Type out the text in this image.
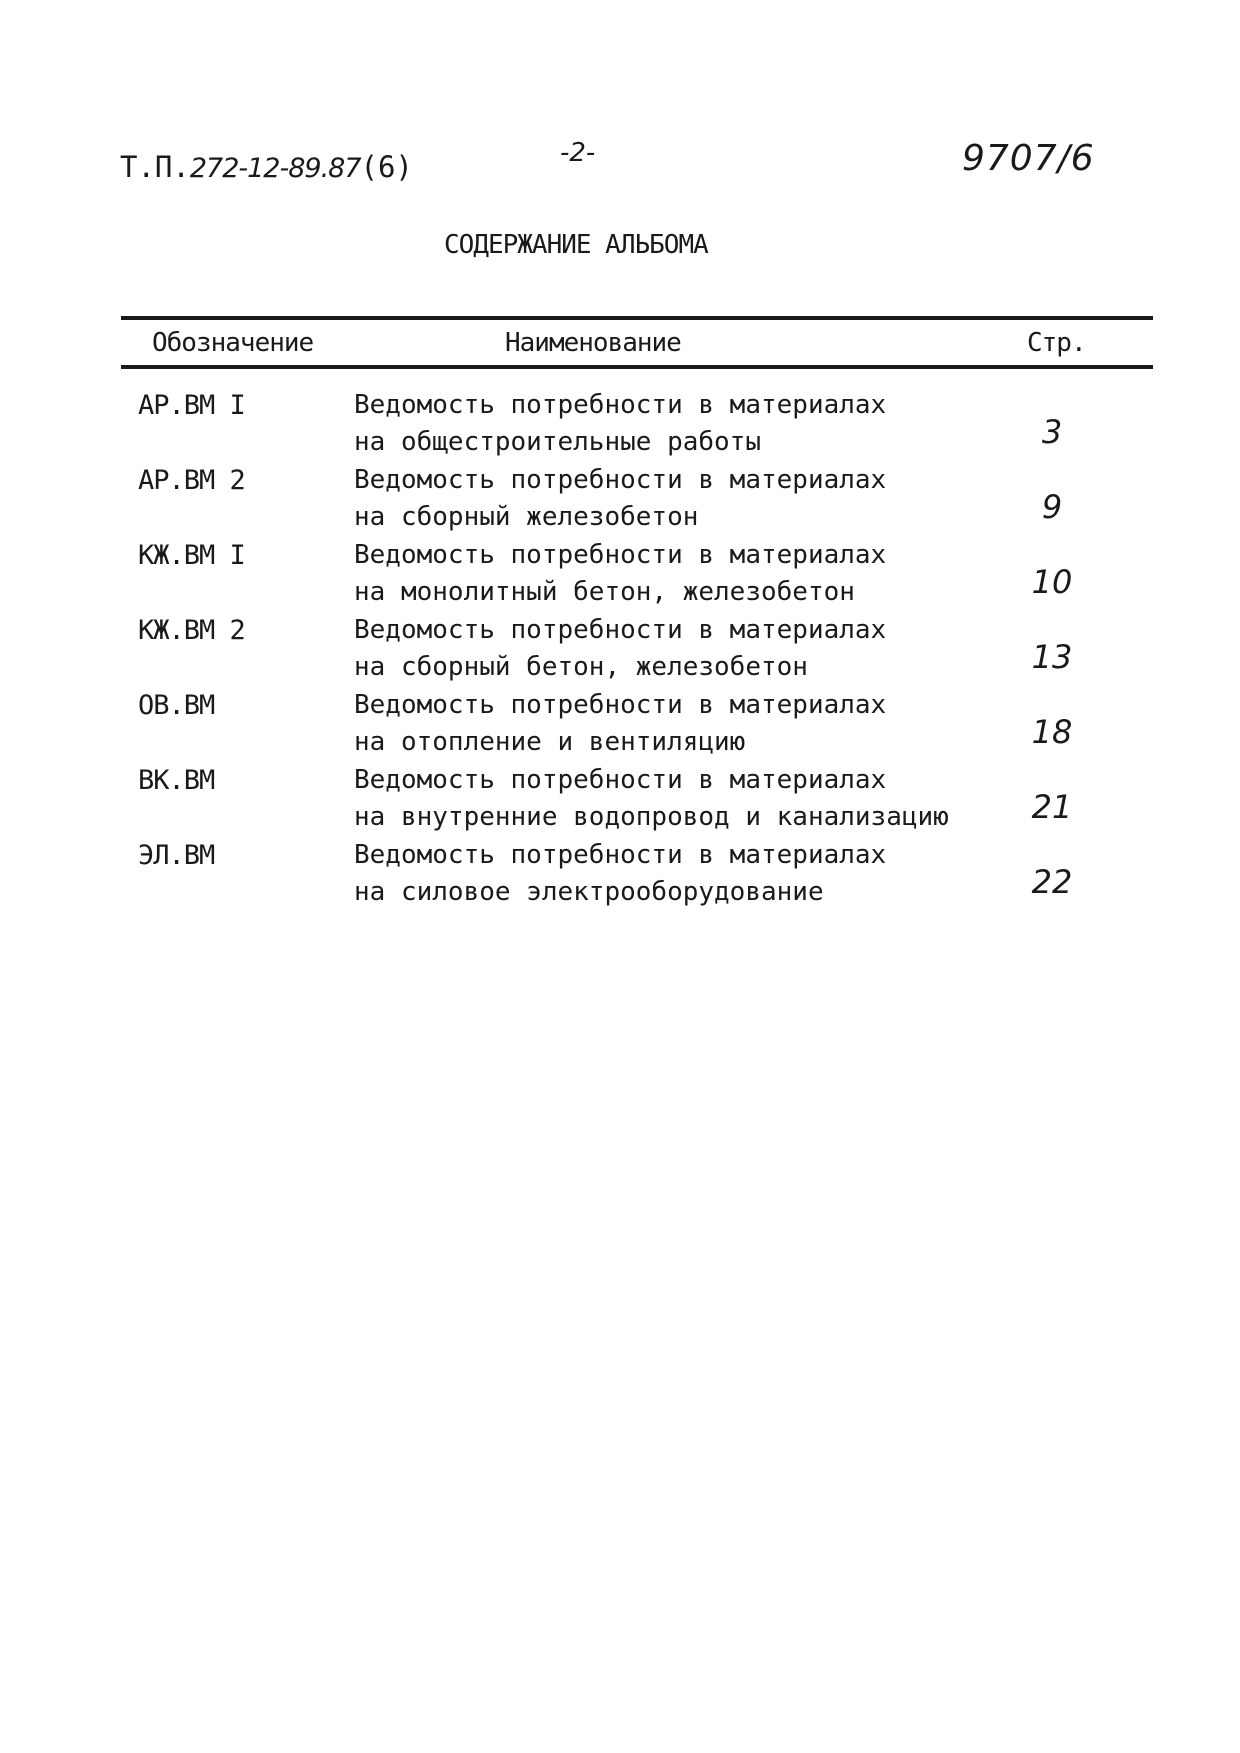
Т.П.272-12-89.87(6)	-2-	9707/6
СОДЕРЖАНИЕ АЛЬБОМА
Обозначение	Наименование	Стр.
АР.ВМ I	Ведомость потребности в материалах
на общестроительные работы	3
АР.ВМ 2	Ведомость потребности в материалах
на сборный железобетон	9
КЖ.ВМ I	Ведомость потребности в материалах
на монолитный бетон, железобетон	10
КЖ.ВМ 2	Ведомость потребности в материалах
на сборный бетон, железобетон	13
ОВ.ВМ	Ведомость потребности в материалах
на отопление и вентиляцию	18
ВК.ВМ	Ведомость потребности в материалах
на внутренние водопровод и канализацию	21
ЭЛ.ВМ	Ведомость потребности в материалах
на силовое электрооборудование	22
